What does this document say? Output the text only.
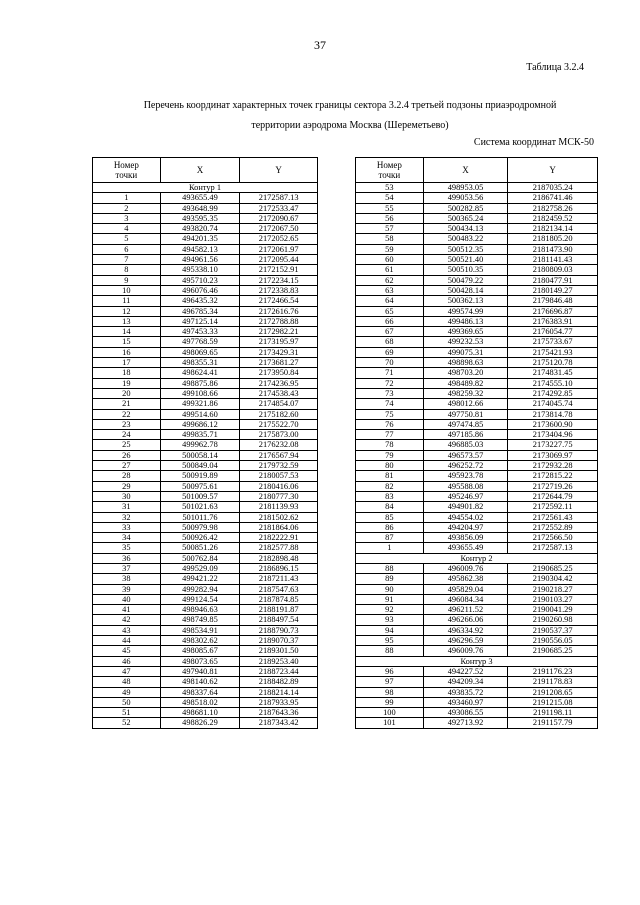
37
Таблица 3.2.4
Перечень координат характерных точек границы сектора 3.2.4 третьей подзоны приаэродромной
территории аэродрома Москва (Шереметьево)
Система координат МСК-50
Номер
точки	X	Y
Контур 1		
1	493655.49	2172587.13
2	493648.99	2172533.47
3	493595.35	2172090.67
4	493820.74	2172067.50
5	494201.35	2172052.65
6	494582.13	2172061.97
7	494961.56	2172095.44
8	495338.10	2172152.91
9	495710.23	2172234.15
10	496076.46	2172338.83
11	496435.32	2172466.54
12	496785.34	2172616.76
13	497125.14	2172788.88
14	497453.33	2172982.21
15	497768.59	2173195.97
16	498069.65	2173429.31
17	498355.31	2173681.27
18	498624.41	2173950.84
19	498875.86	2174236.95
20	499108.66	2174538.43
21	499321.86	2174854.07
22	499514.60	2175182.60
23	499686.12	2175522.70
24	499835.71	2175873.00
25	499962.78	2176232.08
26	500058.14	2176567.94
27	500849.04	2179732.59
28	500919.89	2180057.53
29	500975.61	2180416.06
30	501009.57	2180777.30
31	501021.63	2181139.93
32	501011.76	2181502.62
33	500979.98	2181864.06
34	500926.42	2182222.91
35	500851.26	2182577.88
36	500762.84	2182898.48
37	499529.09	2186896.15
38	499421.22	2187211.43
39	499282.94	2187547.63
40	499124.54	2187874.85
41	498946.63	2188191.87
42	498749.85	2188497.54
43	498534.91	2188790.73
44	498302.62	2189070.37
45	498085.67	2189301.50
46	498073.65	2189253.40
47	497940.81	2188723.44
48	498140.62	2188482.89
49	498337.64	2188214.14
50	498518.02	2187933.95
51	498681.10	2187643.36
52	498826.29	2187343.42
Номер
точки	X	Y
53	498953.05	2187035.24
54	499053.56	2186741.46
55	500282.85	2182758.26
56	500365.24	2182459.52
57	500434.13	2182134.14
58	500483.22	2181805.20
59	500512.35	2181473.90
60	500521.40	2181141.43
61	500510.35	2180809.03
62	500479.22	2180477.91
63	500428.14	2180149.27
64	500362.13	2179846.48
65	499574.99	2176696.87
66	499486.13	2176383.91
67	499369.65	2176054.77
68	499232.53	2175733.67
69	499075.31	2175421.93
70	498898.63	2175120.78
71	498703.20	2174831.45
72	498489.82	2174555.10
73	498259.32	2174292.85
74	498012.66	2174045.74
75	497750.81	2173814.78
76	497474.85	2173600.90
77	497185.86	2173404.96
78	496885.03	2173227.75
79	496573.57	2173069.97
80	496252.72	2172932.28
81	495923.78	2172815.22
82	495588.08	2172719.26
83	495246.97	2172644.79
84	494901.82	2172592.11
85	494554.02	2172561.43
86	494204.97	2172552.89
87	493856.09	2172566.50
1	493655.49	2172587.13
Контур 2		
88	496009.76	2190685.25
89	495862.38	2190304.42
90	495829.04	2190218.27
91	496084.34	2190103.27
92	496211.52	2190041.29
93	496266.06	2190260.98
94	496334.92	2190537.37
95	496296.59	2190556.05
88	496009.76	2190685.25
Контур 3		
96	494227.52	2191176.23
97	494209.34	2191178.83
98	493835.72	2191208.65
99	493460.97	2191215.08
100	493086.55	2191198.11
101	492713.92	2191157.79
